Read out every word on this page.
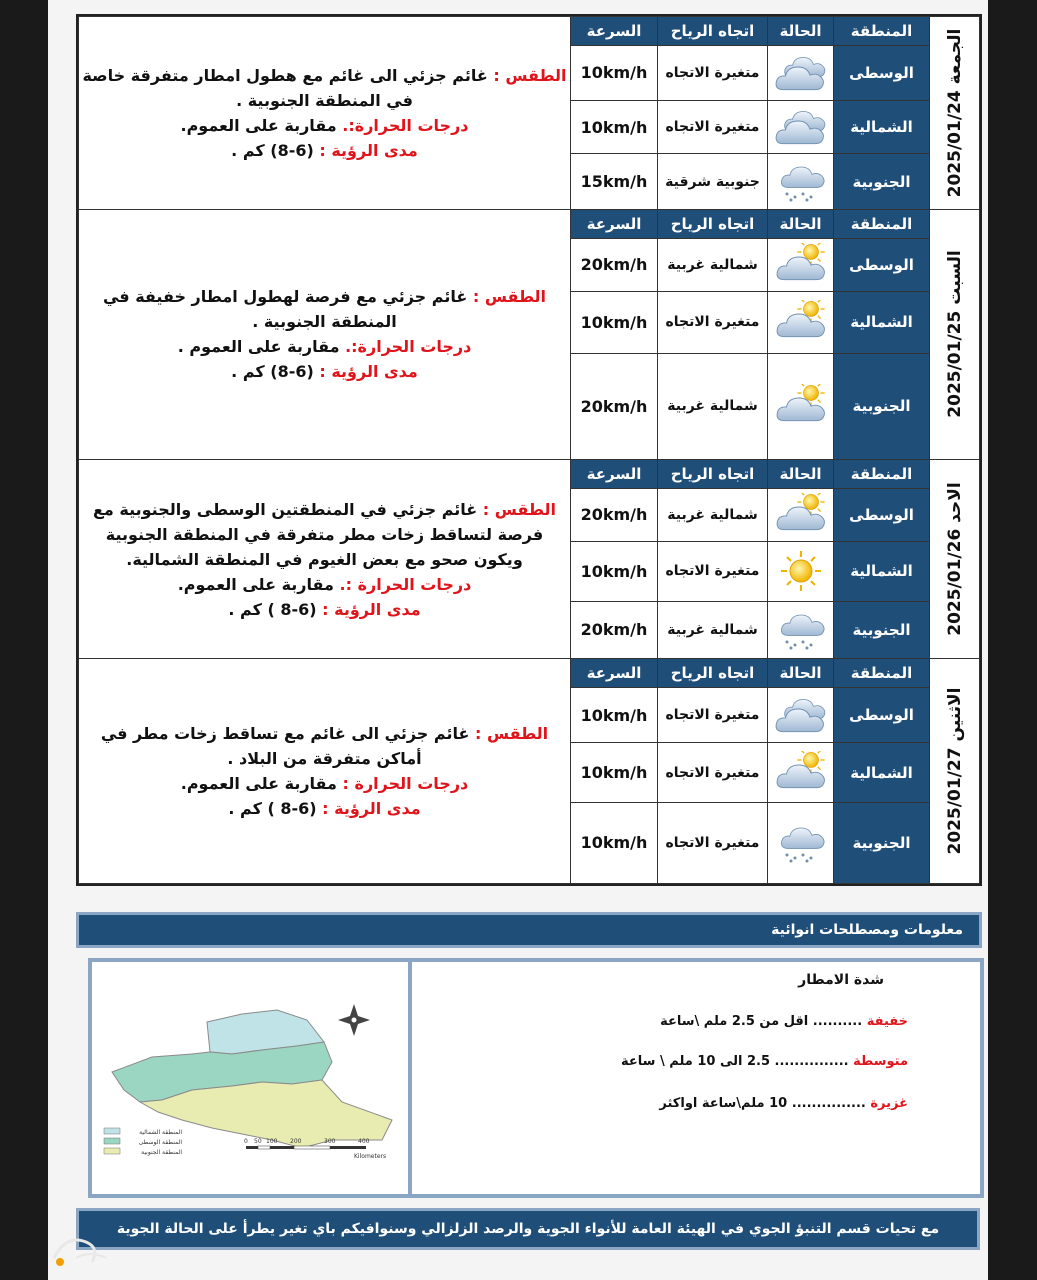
الجمعة 2025/01/24	المنطقة	الحالة	اتجاه الرياح	السرعة	الطقس : غائم جزئي الى غائم مع هطول امطار متفرقة خاصة في المنطقة الجنوبية .
درجات الحرارة:. مقاربة على العموم.
مدى الرؤية : (6-8) كم .

	الوسطى		متغيرة الاتجاه	10km/h	
	الشمالية		متغيرة الاتجاه	10km/h	
	الجنوبية		جنوبية شرقية	15km/h	

السبت 2025/01/25	المنطقة	الحالة	اتجاه الرياح	السرعة	الطقس : غائم جزئي مع فرصة لهطول امطار خفيفة في المنطقة الجنوبية .
درجات الحرارة:. مقاربة على العموم .
مدى الرؤية : (6-8) كم .

	الوسطى		شمالية غربية	20km/h	
	الشمالية		متغيرة الاتجاه	10km/h	
	الجنوبية		شمالية غربية	20km/h	

الاحد 2025/01/26	المنطقة	الحالة	اتجاه الرياح	السرعة	الطقس : غائم جزئي في المنطقتين الوسطى والجنوبية مع فرصة لتساقط زخات مطر متفرقة في المنطقة الجنوبية ويكون صحو مع بعض الغيوم في المنطقة الشمالية.
درجات الحرارة :. مقاربة على العموم.
مدى الرؤية : (6-8 ) كم .

	الوسطى		شمالية غربية	20km/h	
	الشمالية		متغيرة الاتجاه	10km/h	
	الجنوبية		شمالية غربية	20km/h	

الاثنين 2025/01/27	المنطقة	الحالة	اتجاه الرياح	السرعة	الطقس : غائم جزئي الى غائم مع تساقط زخات مطر في أماكن متفرقة من البلاد .
درجات الحرارة : مقاربة على العموم.
مدى الرؤية : (6-8 ) كم .

	الوسطى		متغيرة الاتجاه	10km/h	
	الشمالية		متغيرة الاتجاه	10km/h	
	الجنوبية		متغيرة الاتجاه	10km/h	
معلومات ومصطلحات انوائية
المنطقة الشمالية
المنطقة الوسطى
المنطقة الجنوبية
0 50 100 200	300	400
Kilometers
شدة الامطار
خفيفة .......... اقل من 2.5 ملم \ساعة
متوسطة ............... 2.5 الى 10 ملم \ ساعة
غزيرة ............... 10 ملم\ساعة اواكثر
مع تحيات قسم التنبؤ الجوي في الهيئة العامة للأنواء الجوية والرصد الزلزالي وسنوافيكم باي تغير يطرأ على الحالة الجوية
